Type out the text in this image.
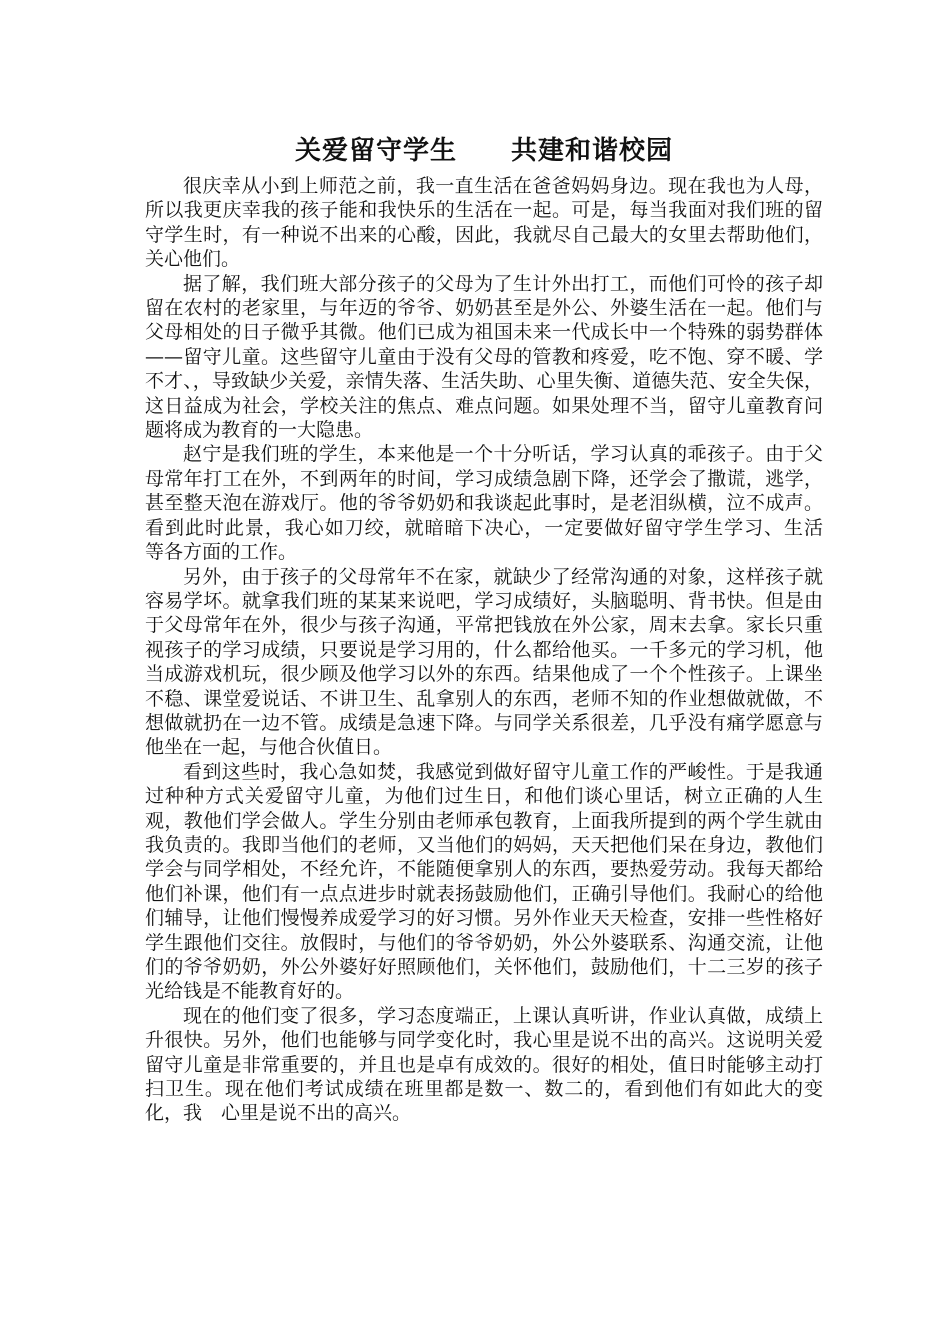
关爱留守学生　　共建和谐校园

很庆幸从小到上师范之前，我一直生活在爸爸妈妈身边。现在我也为人母，所以我更庆幸我的孩子能和我快乐的生活在一起。可是，每当我面对我们班的留守学生时，有一种说不出来的心酸，因此，我就尽自己最大的女里去帮助他们，关心他们。

据了解，我们班大部分孩子的父母为了生计外出打工，而他们可怜的孩子却留在农村的老家里，与年迈的爷爷、奶奶甚至是外公、外婆生活在一起。他们与父母相处的日子微乎其微。他们已成为祖国未来一代成长中一个特殊的弱势群体——留守儿童。这些留守儿童由于没有父母的管教和疼爱，吃不饱、穿不暖、学不才、，导致缺少关爱，亲情失落、生活失助、心里失衡、道德失范、安全失保，这日益成为社会，学校关注的焦点、难点问题。如果处理不当，留守儿童教育问题将成为教育的一大隐患。

赵宁是我们班的学生，本来他是一个十分听话，学习认真的乖孩子。由于父母常年打工在外，不到两年的时间，学习成绩急剧下降，还学会了撒谎，逃学，甚至整天泡在游戏厅。他的爷爷奶奶和我谈起此事时，是老泪纵横，泣不成声。看到此时此景，我心如刀绞，就暗暗下决心，一定要做好留守学生学习、生活　等各方面的工作。

另外，由于孩子的父母常年不在家，就缺少了经常沟通的对象，这样孩子就容易学坏。就拿我们班的某某来说吧，学习成绩好，头脑聪明、背书快。但是由于父母常年在外，很少与孩子沟通，平常把钱放在外公家，周末去拿。家长只重视孩子的学习成绩，只要说是学习用的，什么都给他买。一千多元的学习机，他当成游戏机玩，很少顾及他学习以外的东西。结果他成了一个个性孩子。上课坐不稳、课堂爱说话、不讲卫生、乱拿别人的东西，老师不知的作业想做就做，不想做就扔在一边不管。成绩是急速下降。与同学关系很差，几乎没有痛学愿意与他坐在一起，与他合伙值日。

看到这些时，我心急如焚，我感觉到做好留守儿童工作的严峻性。于是我通过种种方式关爱留守儿童，为他们过生日，和他们谈心里话，树立正确的人生观，教他们学会做人。学生分别由老师承包教育，上面我所提到的两个学生就由我负责的。我即当他们的老师，又当他们的妈妈，天天把他们呆在身边，教他们学会与同学相处，不经允许，不能随便拿别人的东西，要热爱劳动。我每天都给他们补课，他们有一点点进步时就表扬鼓励他们，正确引导他们。我耐心的给他们辅导，让他们慢慢养成爱学习的好习惯。另外作业天天检查，安排一些性格好学生跟他们交往。放假时，与他们的爷爷奶奶，外公外婆联系、沟通交流，让他们的爷爷奶奶，外公外婆好好照顾他们，关怀他们，鼓励他们，十二三岁的孩子光给钱是不能教育好的。

现在的他们变了很多，学习态度端正，上课认真听讲，作业认真做，成绩上升很快。另外，他们也能够与同学变化时，我心里是说不出的高兴。这说明关爱留守儿童是非常重要的，并且也是卓有成效的。很好的相处，值日时能够主动打扫卫生。现在他们考试成绩在班里都是数一、数二的，看到他们有如此大的变化，我　心里是说不出的高兴。
